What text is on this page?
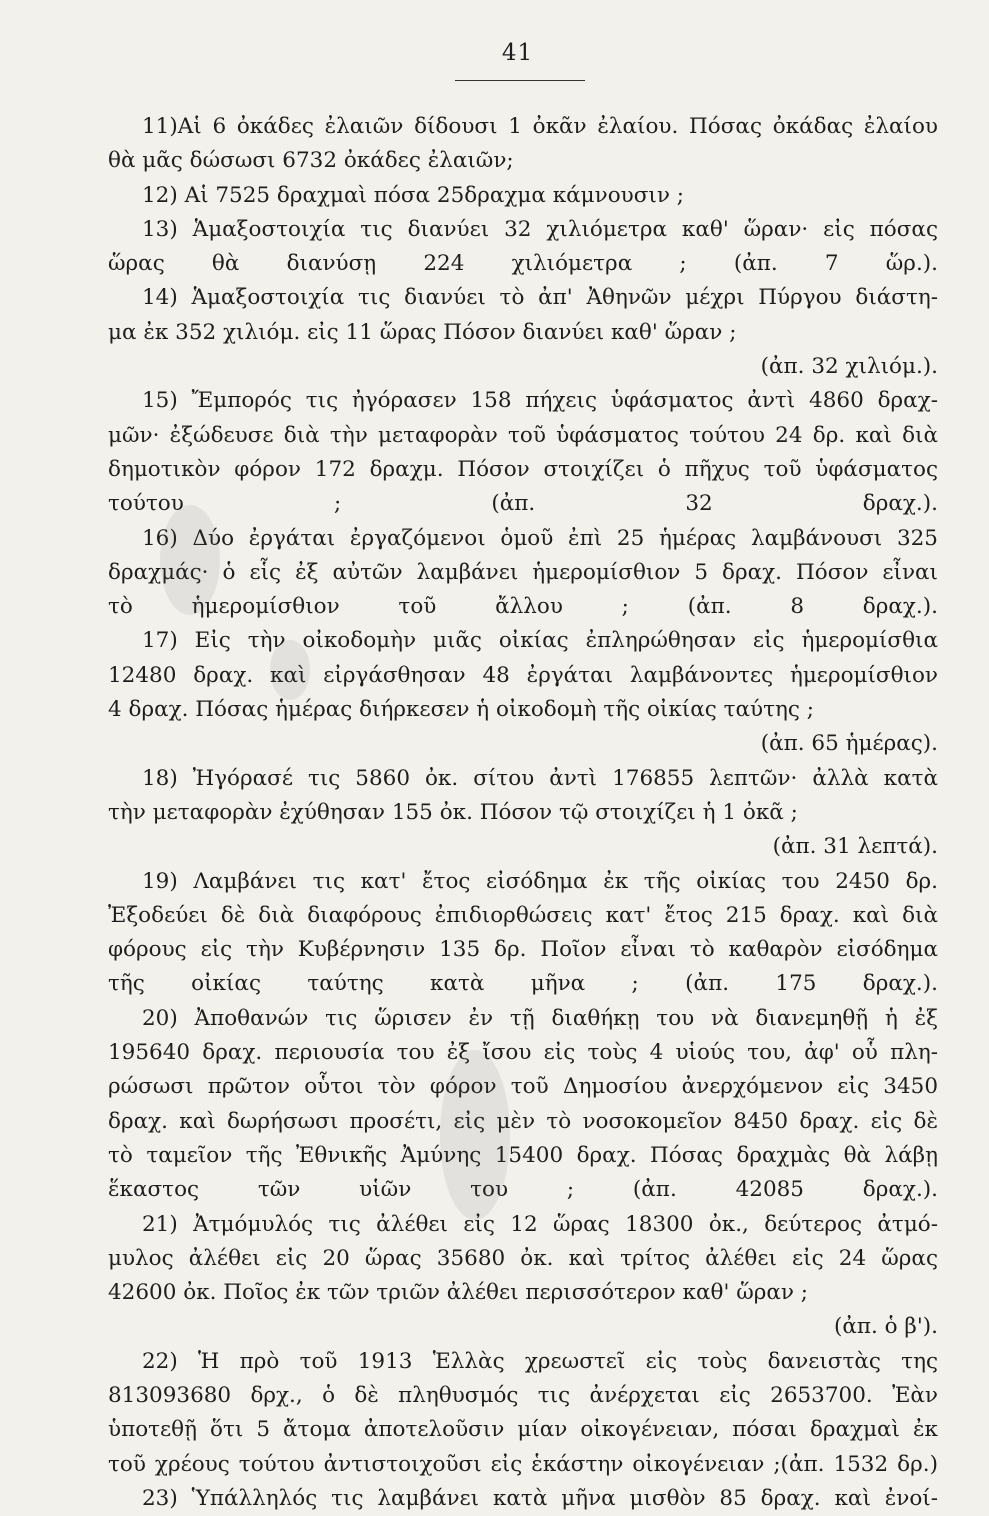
41
11)Αἱ 6 ὀκάδες ἐλαιῶν δίδουσι 1 ὀκᾶν ἐλαίου. Πόσας ὀκάδας ἐλαίου
θὰ μᾶς δώσωσι 6732 ὀκάδες ἐλαιῶν;
12) Αἱ 7525 δραχμαὶ πόσα 25δραχμα κάμνουσιν ;
13) Ἁμαξοστοιχία τις διανύει 32 χιλιόμετρα καθ' ὥραν· εἰς πόσας
ὥρας θὰ διανύσῃ 224 χιλιόμετρα ; (ἀπ. 7 ὥρ.).
14) Ἁμαξοστοιχία τις διανύει τὸ ἀπ' Ἀθηνῶν μέχρι Πύργου διάστη-
μα ἐκ 352 χιλιόμ. εἰς 11 ὥρας Πόσον διανύει καθ' ὥραν ;
(ἀπ. 32 χιλιόμ.).
15) Ἔμπορός τις ἠγόρασεν 158 πήχεις ὑφάσματος ἀντὶ 4860 δραχ-
μῶν· ἐξώδευσε διὰ τὴν μεταφορὰν τοῦ ὑφάσματος τούτου 24 δρ. καὶ διὰ
δημοτικὸν φόρον 172 δραχμ. Πόσον στοιχίζει ὁ πῆχυς τοῦ ὑφάσματος
τούτου ; (ἀπ. 32 δραχ.).
16) Δύο ἐργάται ἐργαζόμενοι ὁμοῦ ἐπὶ 25 ἡμέρας λαμβάνουσι 325
δραχμάς· ὁ εἷς ἐξ αὐτῶν λαμβάνει ἡμερομίσθιον 5 δραχ. Πόσον εἶναι
τὸ ἡμερομίσθιον τοῦ ἄλλου ; (ἀπ. 8 δραχ.).
17) Εἰς τὴν οἰκοδομὴν μιᾶς οἰκίας ἐπληρώθησαν εἰς ἡμερομίσθια
12480 δραχ. καὶ εἰργάσθησαν 48 ἐργάται λαμβάνοντες ἡμερομίσθιον
4 δραχ. Πόσας ἡμέρας διήρκεσεν ἡ οἰκοδομὴ τῆς οἰκίας ταύτης ;
(ἀπ. 65 ἡμέρας).
18) Ἠγόρασέ τις 5860 ὀκ. σίτου ἀντὶ 176855 λεπτῶν· ἀλλὰ κατὰ
τὴν μεταφορὰν ἐχύθησαν 155 ὀκ. Πόσον τῷ στοιχίζει ἡ 1 ὀκᾶ ;
(ἀπ. 31 λεπτά).
19) Λαμβάνει τις κατ' ἔτος εἰσόδημα ἐκ τῆς οἰκίας του 2450 δρ.
Ἐξοδεύει δὲ διὰ διαφόρους ἐπιδιορθώσεις κατ' ἔτος 215 δραχ. καὶ διὰ
φόρους εἰς τὴν Κυβέρνησιν 135 δρ. Ποῖον εἶναι τὸ καθαρὸν εἰσόδημα
τῆς οἰκίας ταύτης κατὰ μῆνα ; (ἀπ. 175 δραχ.).
20) Ἀποθανών τις ὥρισεν ἐν τῇ διαθήκῃ του νὰ διανεμηθῇ ἡ ἐξ
195640 δραχ. περιουσία του ἐξ ἴσου εἰς τοὺς 4 υἱούς του, ἀφ' οὗ πλη-
ρώσωσι πρῶτον οὗτοι τὸν φόρον τοῦ Δημοσίου ἀνερχόμενον εἰς 3450
δραχ. καὶ δωρήσωσι προσέτι, εἰς μὲν τὸ νοσοκομεῖον 8450 δραχ. εἰς δὲ
τὸ ταμεῖον τῆς Ἐθνικῆς Ἀμύνης 15400 δραχ. Πόσας δραχμὰς θὰ λάβῃ
ἕκαστος τῶν υἱῶν του ; (ἀπ. 42085 δραχ.).
21) Ἀτμόμυλός τις ἀλέθει εἰς 12 ὥρας 18300 ὀκ., δεύτερος ἀτμό-
μυλος ἀλέθει εἰς 20 ὥρας 35680 ὀκ. καὶ τρίτος ἀλέθει εἰς 24 ὥρας
42600 ὀκ. Ποῖος ἐκ τῶν τριῶν ἀλέθει περισσότερον καθ' ὥραν ;
(ἀπ. ὁ β').
22) Ἡ πρὸ τοῦ 1913 Ἑλλὰς χρεωστεῖ εἰς τοὺς δανειστὰς της
813093680 δρχ., ὁ δὲ πληθυσμός τις ἀνέρχεται εἰς 2653700. Ἐὰν
ὑποτεθῇ ὅτι 5 ἄτομα ἀποτελοῦσιν μίαν οἰκογένειαν, πόσαι δραχμαὶ ἐκ
τοῦ χρέους τούτου ἀντιστοιχοῦσι εἰς ἑκάστην οἰκογένειαν ;(ἀπ. 1532 δρ.)
23) Ὑπάλληλός τις λαμβάνει κατὰ μῆνα μισθὸν 85 δραχ. καὶ ἐνοί-
